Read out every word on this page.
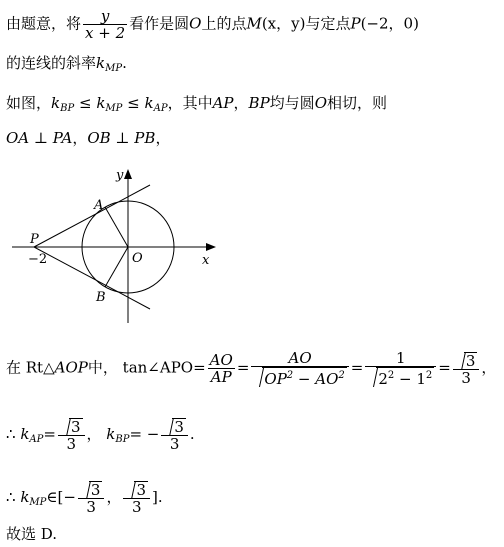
由题意，将 $\frac{y}{x + 2}$ 看作是圆O上的点M(x，y)与定点P(−2，0)
的连线的斜率$k_{MP}$.
如图，$k_{BP} \le k_{MP} \le k_{AP}$，其中AP，BP均与圆O相切，则
OA ⊥ PA，OB ⊥ PB，
y
x
A
B
P
O
−2
在 Rt△AOP中， tan∠APO= $\frac{AO}{AP} = \frac{AO}{OP^2 - AO^2} = \frac{1}{2^2 - 1^2} = \frac{3}{3}$ ，
∴ $k_{AP}= \frac{3}{3}$ ， $k_{BP}= - \frac{3}{3}$ .
∴ $k_{MP}\in[- \frac{3}{3}$ ， $\frac{3}{3}$ ].
故选 D.
